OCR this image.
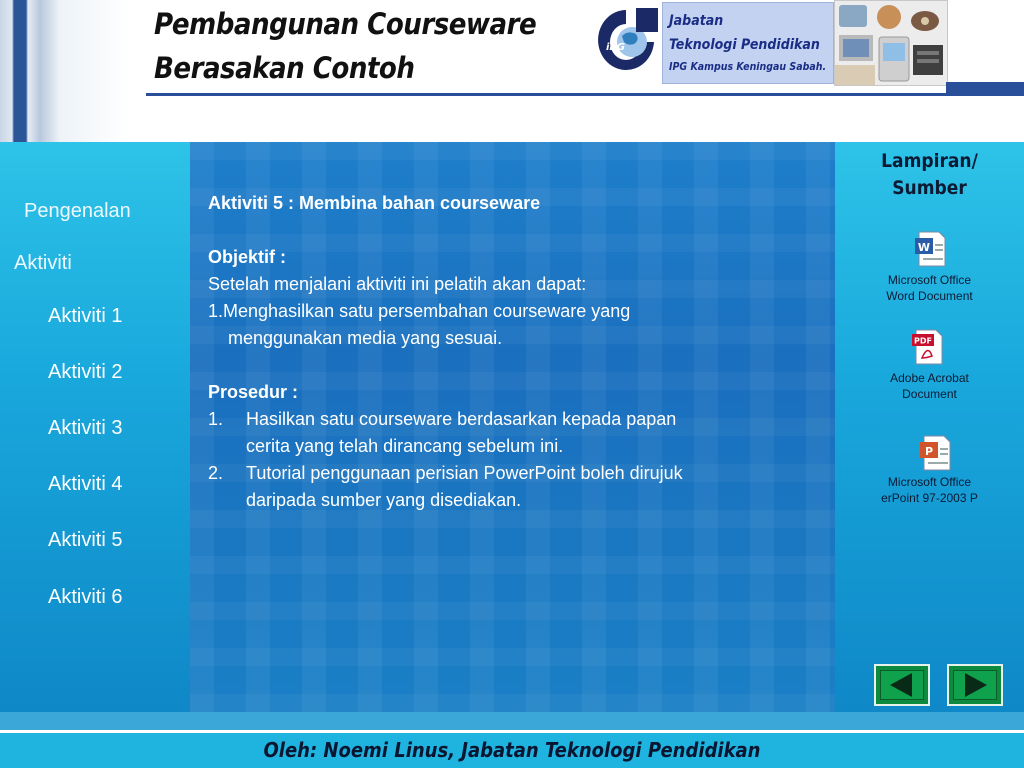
Pembangunan Courseware
Berasakan Contoh
iPG
Jabatan
Teknologi Pendidikan
IPG Kampus Keningau Sabah.
Pengenalan
Aktiviti
Aktiviti 1
Aktiviti 2
Aktiviti 3
Aktiviti 4
Aktiviti 5
Aktiviti 6
Aktiviti 5 : Membina bahan courseware
Objektif :
Setelah menjalani aktiviti ini pelatih akan dapat:
1.Menghasilkan satu persembahan courseware yang
menggunakan media yang sesuai.
Prosedur :
1.	Hasilkan satu courseware berdasarkan kepada papan
cerita yang telah dirancang sebelum ini.
2.	Tutorial penggunaan perisian PowerPoint boleh dirujuk
daripada sumber yang disediakan.
Lampiran/
Sumber
W
Microsoft Office
Word Document
PDF
Adobe Acrobat
Document
P
Microsoft Office
erPoint 97-2003 P
Oleh: Noemi Linus, Jabatan Teknologi Pendidikan
